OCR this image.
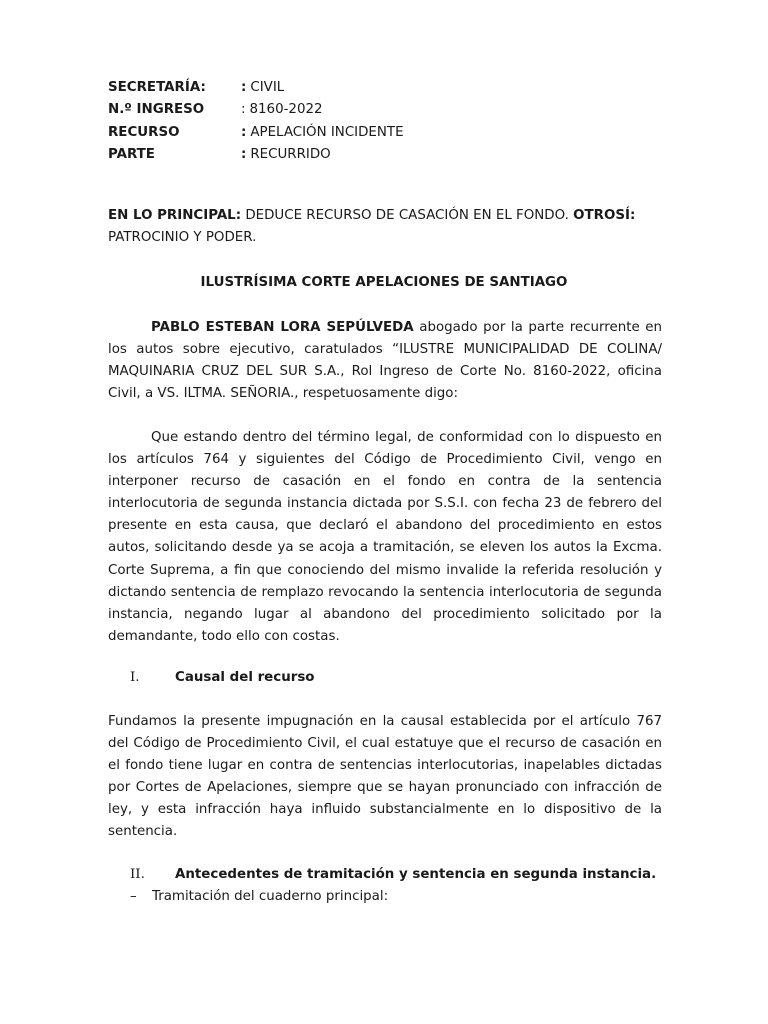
SECRETARÍA:	: CIVIL
N.º INGRESO	: 8160-2022
RECURSO	: APELACIÓN INCIDENTE
PARTE	: RECURRIDO
EN LO PRINCIPAL: DEDUCE RECURSO DE CASACIÓN EN EL FONDO. OTROSÍ: PATROCINIO Y PODER.
ILUSTRÍSIMA CORTE APELACIONES DE SANTIAGO
PABLO ESTEBAN LORA SEPÚLVEDA abogado por la parte recurrente en los autos sobre ejecutivo, caratulados “ILUSTRE MUNICIPALIDAD DE COLINA/ MAQUINARIA CRUZ DEL SUR S.A., Rol Ingreso de Corte No. 8160-2022, oficina Civil, a VS. ILTMA. SEÑORIA., respetuosamente digo:
Que estando dentro del término legal, de conformidad con lo dispuesto en los artículos 764 y siguientes del Código de Procedimiento Civil, vengo en interponer recurso de casación en el fondo en contra de la sentencia interlocutoria de segunda instancia dictada por S.S.I. con fecha 23 de febrero del presente en esta causa, que declaró el abandono del procedimiento en estos autos, solicitando desde ya se acoja a tramitación, se eleven los autos la Excma. Corte Suprema, a fin que conociendo del mismo invalide la referida resolución y dictando sentencia de remplazo revocando la sentencia interlocutoria de segunda instancia, negando lugar al abandono del procedimiento solicitado por la demandante, todo ello con costas.
I.	Causal del recurso
Fundamos la presente impugnación en la causal establecida por el artículo 767 del Código de Procedimiento Civil, el cual estatuye que el recurso de casación en el fondo tiene lugar en contra de sentencias interlocutorias, inapelables dictadas por Cortes de Apelaciones, siempre que se hayan pronunciado con infracción de ley, y esta infracción haya influido substancialmente en lo dispositivo de la sentencia.
II. Antecedentes de tramitación y sentencia en segunda instancia.
– Tramitación del cuaderno principal:
